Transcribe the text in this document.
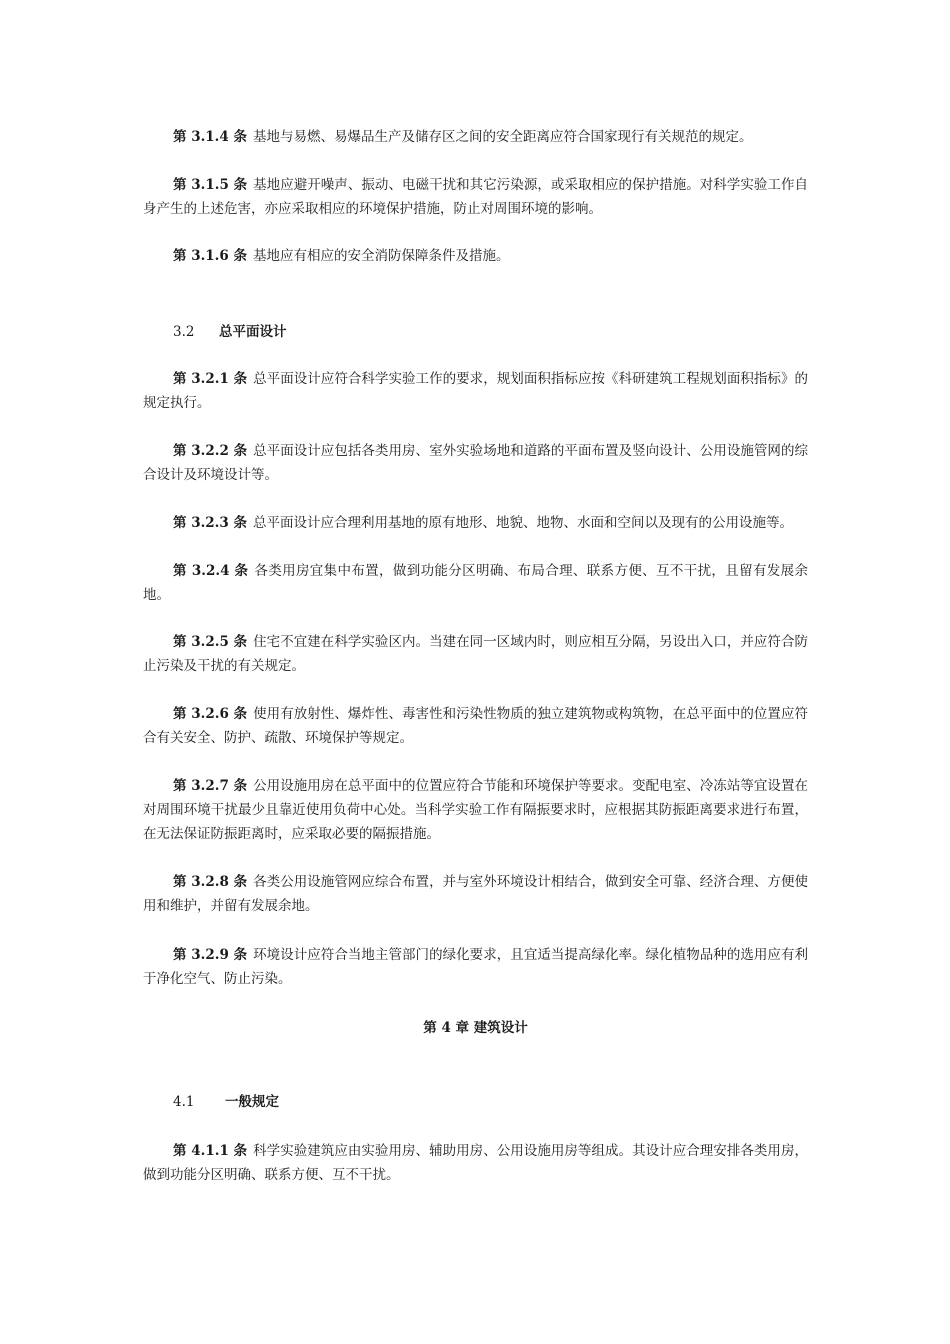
第 3.1.4 条 基地与易燃、易爆品生产及储存区之间的安全距离应符合国家现行有关规范的规定。

第 3.1.5 条 基地应避开噪声、振动、电磁干扰和其它污染源，或采取相应的保护措施。对科学实验工作自身产生的上述危害，亦应采取相应的环境保护措施，防止对周围环境的影响。

第 3.1.6 条 基地应有相应的安全消防保障条件及措施。

3.2 总平面设计

第 3.2.1 条 总平面设计应符合科学实验工作的要求，规划面积指标应按《科研建筑工程规划面积指标》的规定执行。

第 3.2.2 条 总平面设计应包括各类用房、室外实验场地和道路的平面布置及竖向设计、公用设施管网的综合设计及环境设计等。

第 3.2.3 条 总平面设计应合理利用基地的原有地形、地貌、地物、水面和空间以及现有的公用设施等。

第 3.2.4 条 各类用房宜集中布置，做到功能分区明确、布局合理、联系方便、互不干扰，且留有发展余地。

第 3.2.5 条 住宅不宜建在科学实验区内。当建在同一区域内时，则应相互分隔，另设出入口，并应符合防止污染及干扰的有关规定。

第 3.2.6 条 使用有放射性、爆炸性、毒害性和污染性物质的独立建筑物或构筑物，在总平面中的位置应符合有关安全、防护、疏散、环境保护等规定。

第 3.2.7 条 公用设施用房在总平面中的位置应符合节能和环境保护等要求。变配电室、冷冻站等宜设置在对周围环境干扰最少且靠近使用负荷中心处。当科学实验工作有隔振要求时，应根据其防振距离要求进行布置，在无法保证防振距离时，应采取必要的隔振措施。

第 3.2.8 条 各类公用设施管网应综合布置，并与室外环境设计相结合，做到安全可靠、经济合理、方便使用和维护，并留有发展余地。

第 3.2.9 条 环境设计应符合当地主管部门的绿化要求，且宜适当提高绿化率。绿化植物品种的选用应有利于净化空气、防止污染。

第 4 章 建筑设计

4.1 一般规定

第 4.1.1 条 科学实验建筑应由实验用房、辅助用房、公用设施用房等组成。其设计应合理安排各类用房，做到功能分区明确、联系方便、互不干扰。
